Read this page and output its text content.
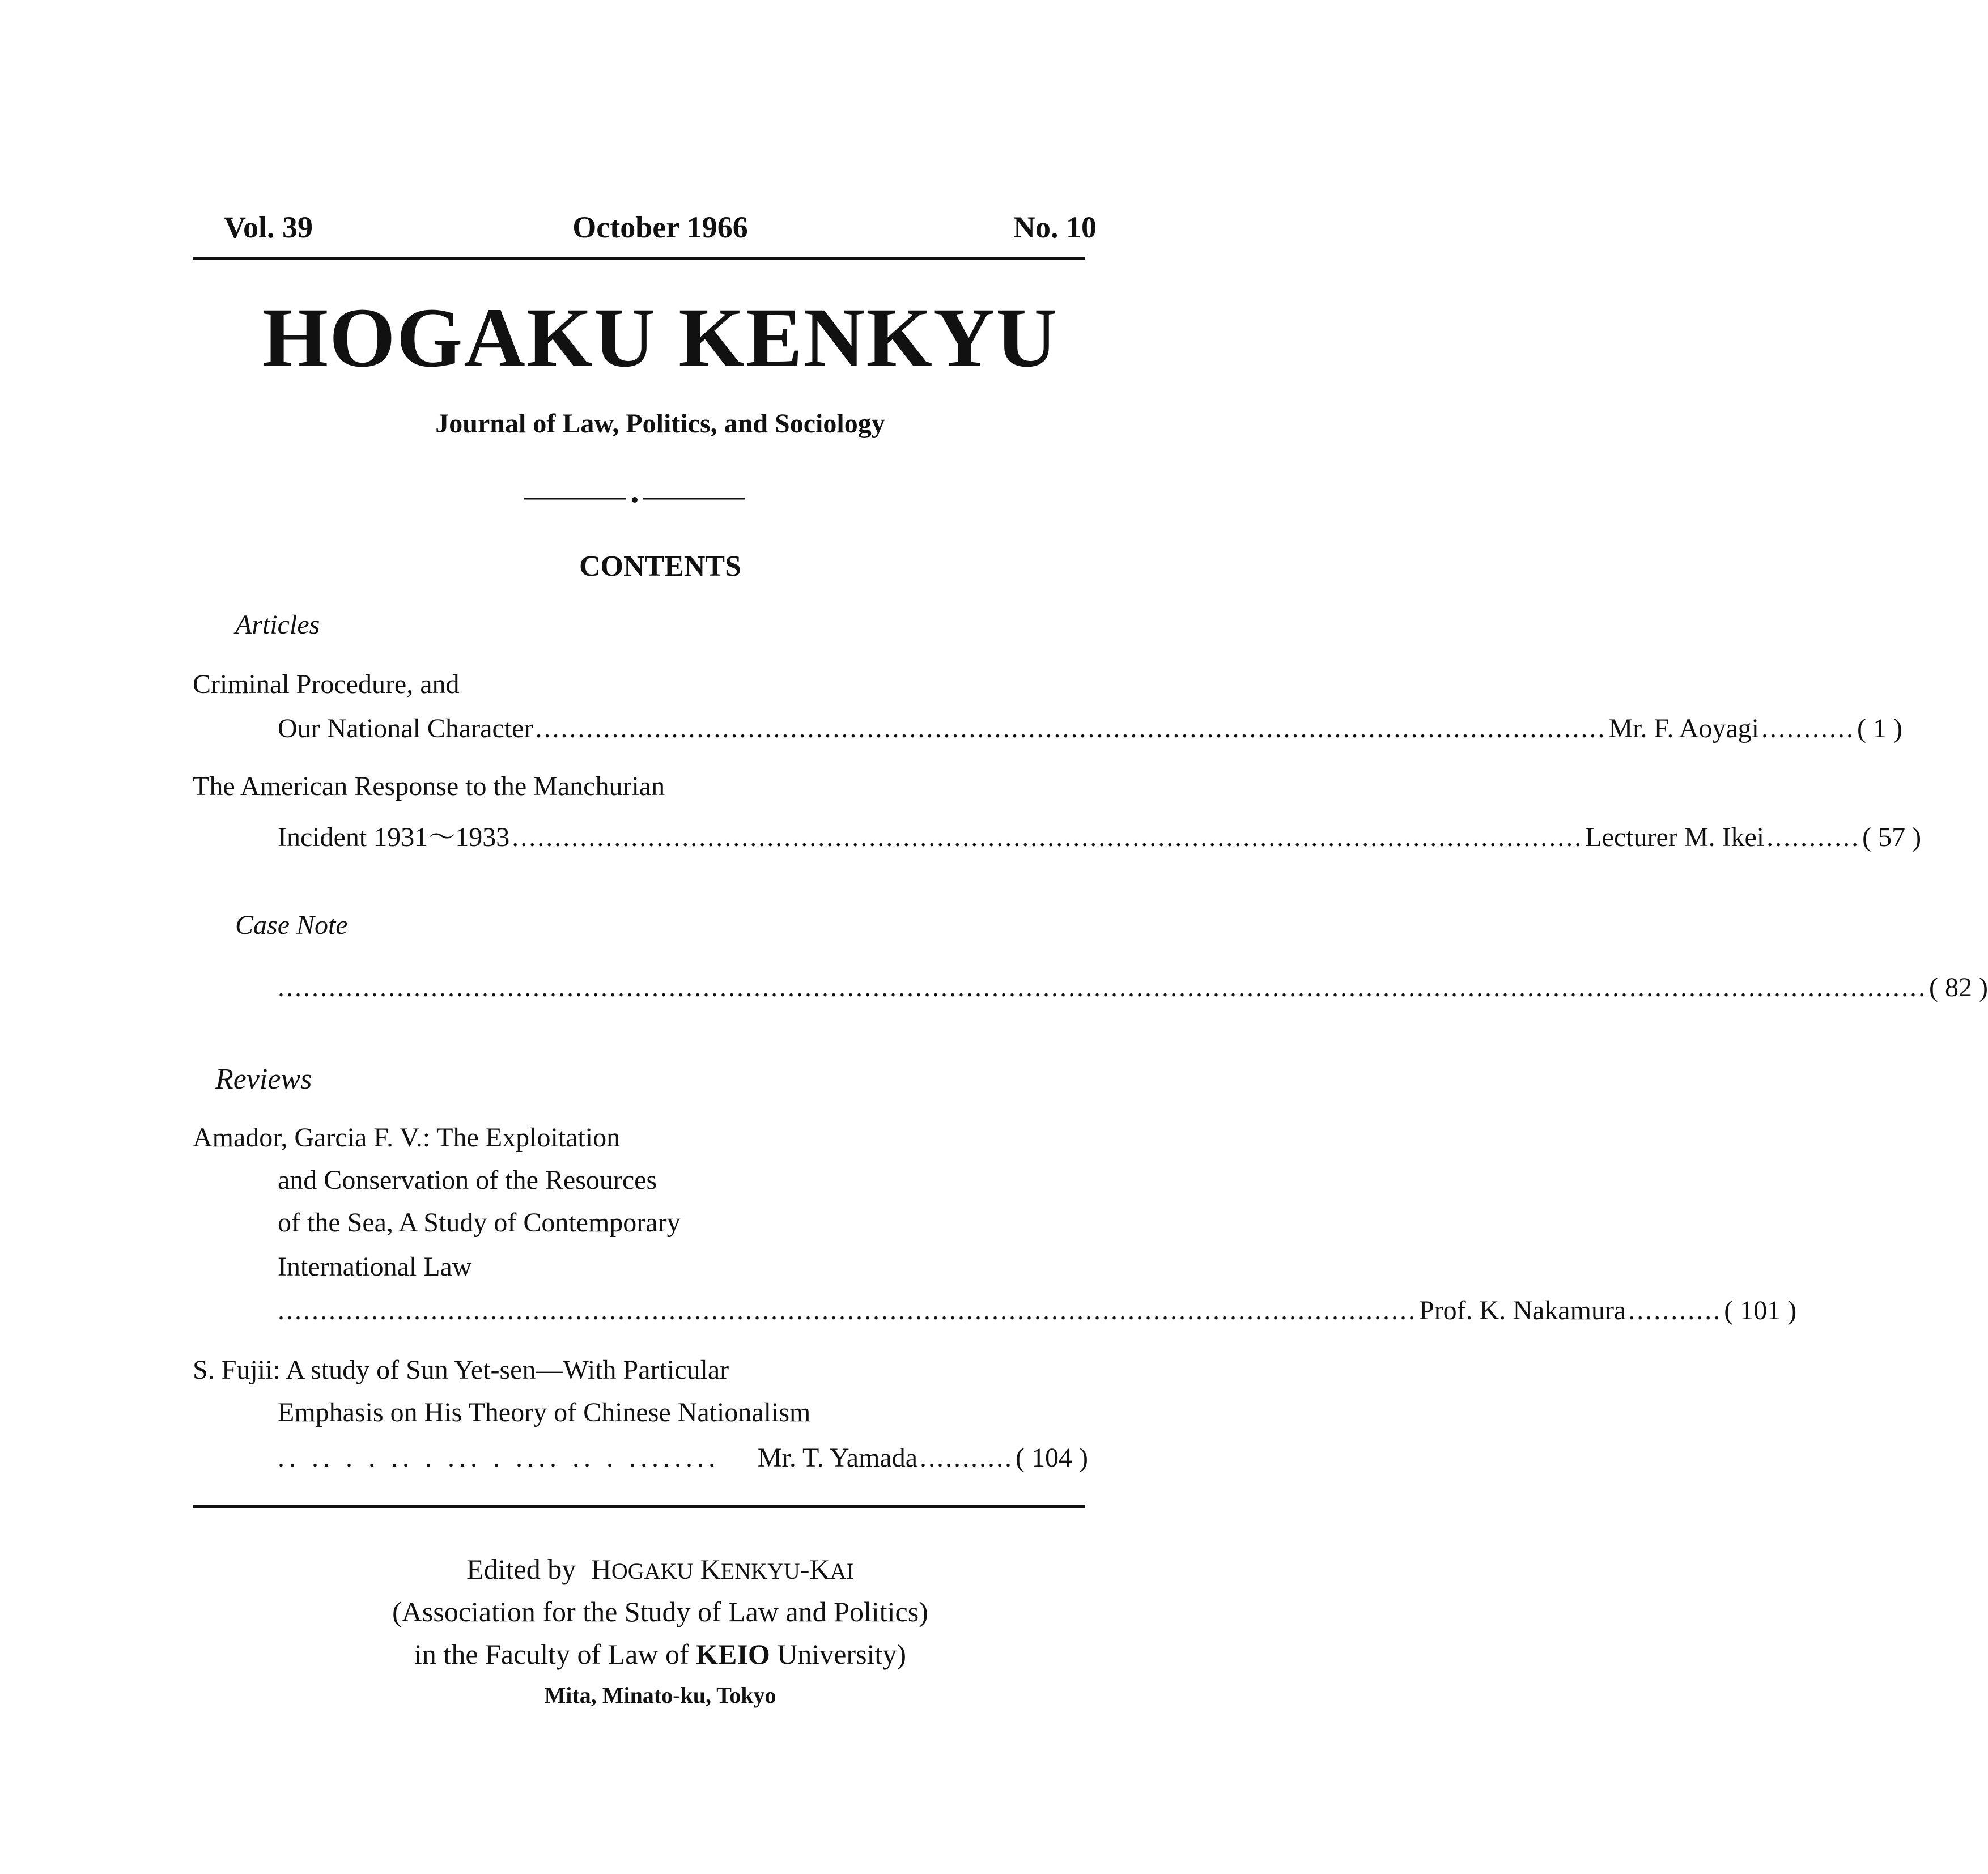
Vol. 39	October 1966	No. 10
HOGAKU KENKYU
Journal of Law, Politics, and Sociology
CONTENTS
Articles
Criminal Procedure, and
Our National Character .............................................................................................................................. Mr. F. Aoyagi ........... ( 1 )
The American Response to the Manchurian
Incident 1931～1933 .............................................................................................................................. Lecturer M. Ikei ........... ( 57 )
Case Note
.................................................................................................................................................................................................. ( 82 )
Reviews
Amador, Garcia F. V.: The Exploitation
and Conservation of the Resources
of the Sea, A Study of Contemporary
International Law
...................................................................................................................................... Prof. K. Nakamura ........... ( 101 )
S. Fujii: A study of Sun Yet-sen—With Particular
Emphasis on His Theory of Chinese Nationalism
.. .. . . .. . ... . .... .. . ........	Mr. T. Yamada ........... ( 104 )
Edited by HOGAKU KENKYU-KAI
(Association for the Study of Law and Politics)
in the Faculty of Law of KEIO University)
Mita, Minato-ku, Tokyo
